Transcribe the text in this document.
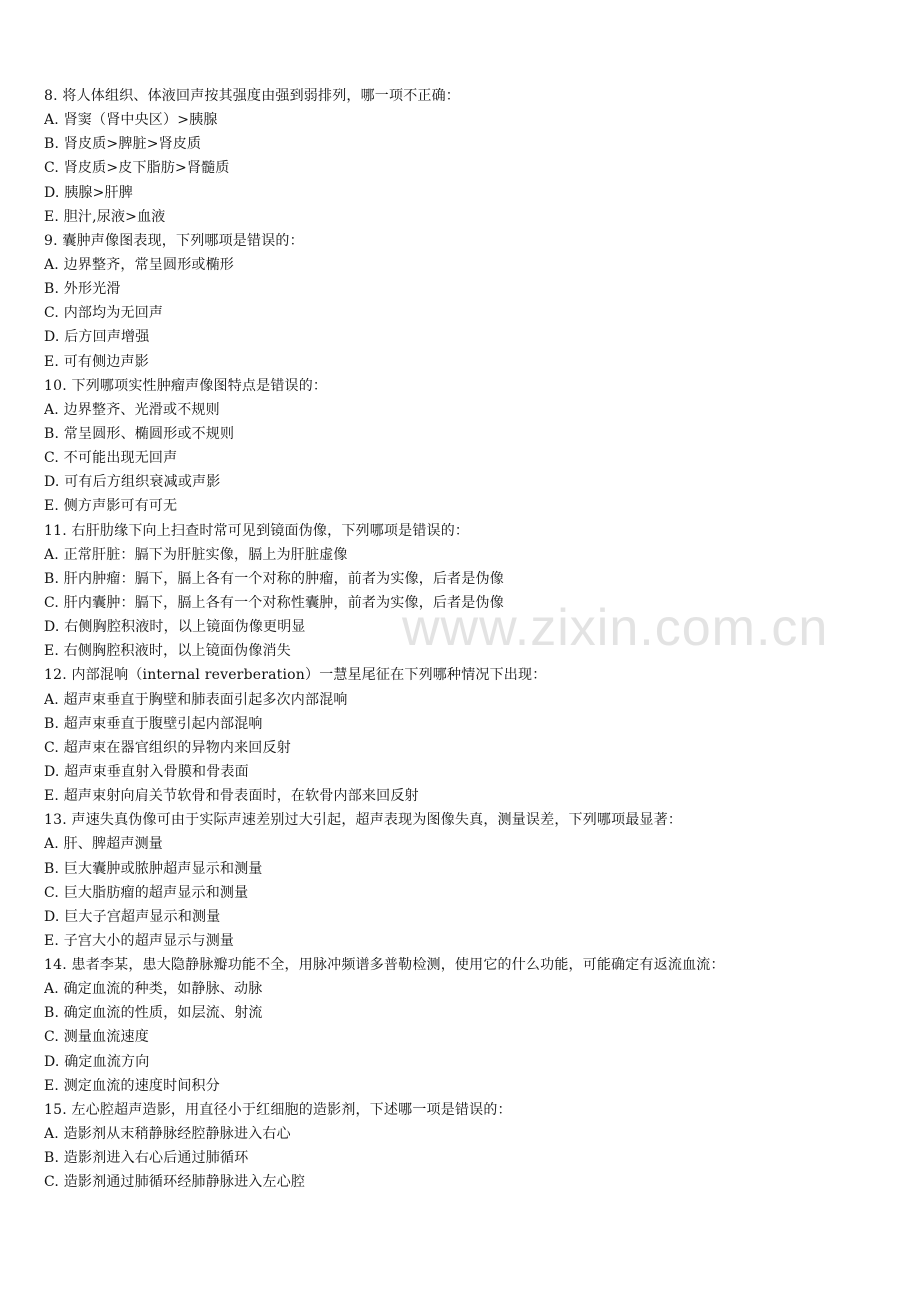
www.zixin.com.cn
8. 将人体组织、体液回声按其强度由强到弱排列，哪一项不正确：
A. 肾窦（肾中央区）>胰腺
B. 肾皮质>脾脏>肾皮质
C. 肾皮质>皮下脂肪>肾髓质
D. 胰腺>肝脾
E. 胆汁,尿液>血液
9. 囊肿声像图表现，下列哪项是错误的：
A. 边界整齐，常呈圆形或椭形
B. 外形光滑
C. 内部均为无回声
D. 后方回声增强
E. 可有侧边声影
10. 下列哪项实性肿瘤声像图特点是错误的：
A. 边界整齐、光滑或不规则
B. 常呈圆形、椭圆形或不规则
C. 不可能出现无回声
D. 可有后方组织衰减或声影
E. 侧方声影可有可无
11. 右肝肋缘下向上扫查时常可见到镜面伪像，下列哪项是错误的：
A. 正常肝脏：膈下为肝脏实像，膈上为肝脏虚像
B. 肝内肿瘤：膈下，膈上各有一个对称的肿瘤，前者为实像，后者是伪像
C. 肝内囊肿：膈下，膈上各有一个对称性囊肿，前者为实像，后者是伪像
D. 右侧胸腔积液时，以上镜面伪像更明显
E. 右侧胸腔积液时，以上镜面伪像消失
12. 内部混响（internal reverberation）一慧星尾征在下列哪种情况下出现：
A. 超声束垂直于胸壁和肺表面引起多次内部混响
B. 超声束垂直于腹壁引起内部混响
C. 超声束在器官组织的异物内来回反射
D. 超声束垂直射入骨膜和骨表面
E. 超声束射向肩关节软骨和骨表面时，在软骨内部来回反射
13. 声速失真伪像可由于实际声速差别过大引起，超声表现为图像失真，测量误差，下列哪项最显著：
A. 肝、脾超声测量
B. 巨大囊肿或脓肿超声显示和测量
C. 巨大脂肪瘤的超声显示和测量
D. 巨大子宫超声显示和测量
E. 子宫大小的超声显示与测量
14. 患者李某，患大隐静脉瓣功能不全，用脉冲频谱多普勒检测，使用它的什么功能，可能确定有返流血流：
A. 确定血流的种类，如静脉、动脉
B. 确定血流的性质，如层流、射流
C. 测量血流速度
D. 确定血流方向
E. 测定血流的速度时间积分
15. 左心腔超声造影，用直径小于红细胞的造影剂，下述哪一项是错误的：
A. 造影剂从末稍静脉经腔静脉进入右心
B. 造影剂进入右心后通过肺循环
C. 造影剂通过肺循环经肺静脉进入左心腔
